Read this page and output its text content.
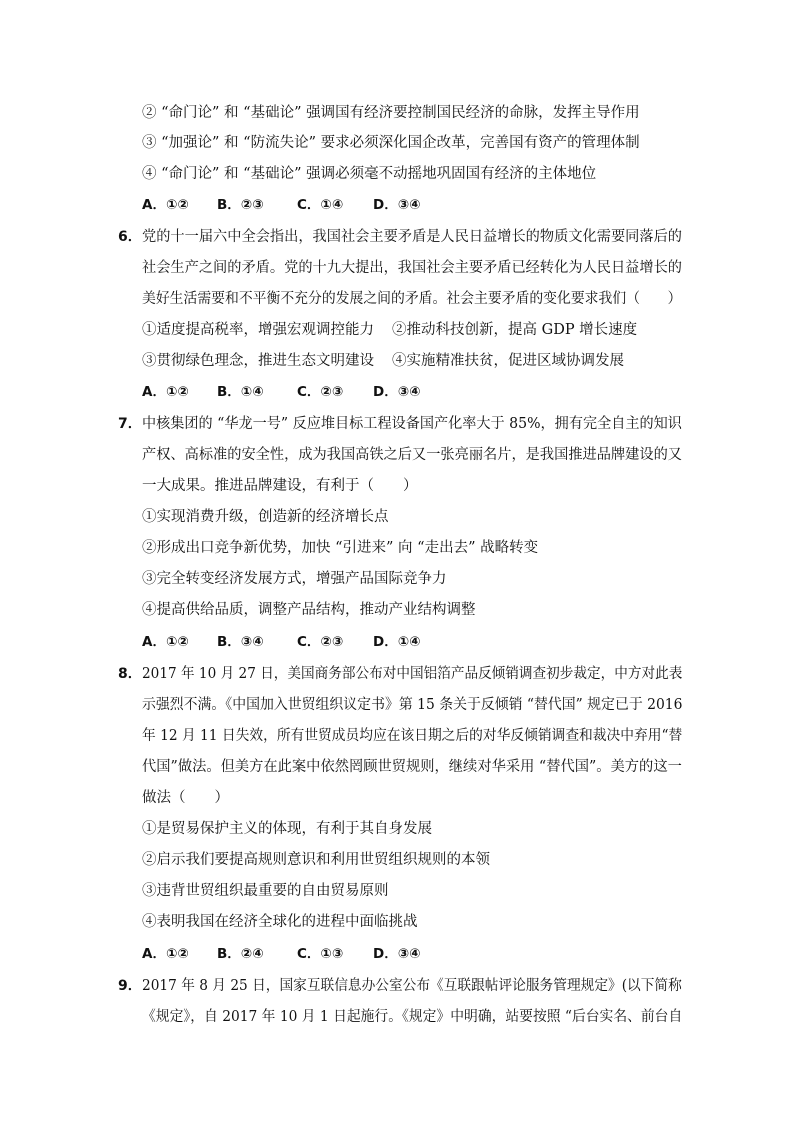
② “命门论” 和 “基础论” 强调国有经济要控制国民经济的命脉，发挥主导作用
③ “加强论” 和 “防流失论” 要求必须深化国企改革，完善国有资产的管理体制
④ “命门论” 和 “基础论” 强调必须毫不动摇地巩固国有经济的主体地位
A．①② B．②③ C．①④ D．③④
6． 党的十一届六中全会指出，我国社会主要矛盾是人民日益增长的物质文化需要同落后的
社会生产之间的矛盾。党的十九大提出，我国社会主要矛盾已经转化为人民日益增长的
美好生活需要和不平衡不充分的发展之间的矛盾。社会主要矛盾的变化要求我们（　　）
①适度提高税率，增强宏观调控能力 ②推动科技创新，提高 GDP 增长速度
③贯彻绿色理念，推进生态文明建设 ④实施精准扶贫，促进区域协调发展
A．①② B．①④ C．②③ D．③④
7． 中核集团的 “华龙一号” 反应堆目标工程设备国产化率大于 85%，拥有完全自主的知识
产权、高标准的安全性，成为我国高铁之后又一张亮丽名片，是我国推进品牌建设的又
一大成果。推进品牌建设，有利于（　　）
①实现消费升级，创造新的经济增长点
②形成出口竞争新优势，加快 “引进来” 向 “走出去” 战略转变
③完全转变经济发展方式，增强产品国际竞争力
④提高供给品质，调整产品结构，推动产业结构调整
A．①② B．③④ C．②③ D．①④
8． 2017 年 10 月 27 日，美国商务部公布对中国铝箔产品反倾销调查初步裁定，中方对此表
示强烈不满。《中国加入世贸组织议定书》第 15 条关于反倾销 “替代国” 规定已于 2016
年 12 月 11 日失效，所有世贸成员均应在该日期之后的对华反倾销调查和裁决中弃用“替
代国”做法。但美方在此案中依然罔顾世贸规则，继续对华采用 “替代国”。美方的这一
做法（　　）
①是贸易保护主义的体现，有利于其自身发展
②启示我们要提高规则意识和利用世贸组织规则的本领
③违背世贸组织最重要的自由贸易原则
④表明我国在经济全球化的进程中面临挑战
A．①② B．②④ C．①③ D．③④
9． 2017 年 8 月 25 日，国家互联信息办公室公布《互联跟帖评论服务管理规定》(以下简称
《规定》，自 2017 年 10 月 1 日起施行。《规定》中明确，站要按照 “后台实名、前台自
